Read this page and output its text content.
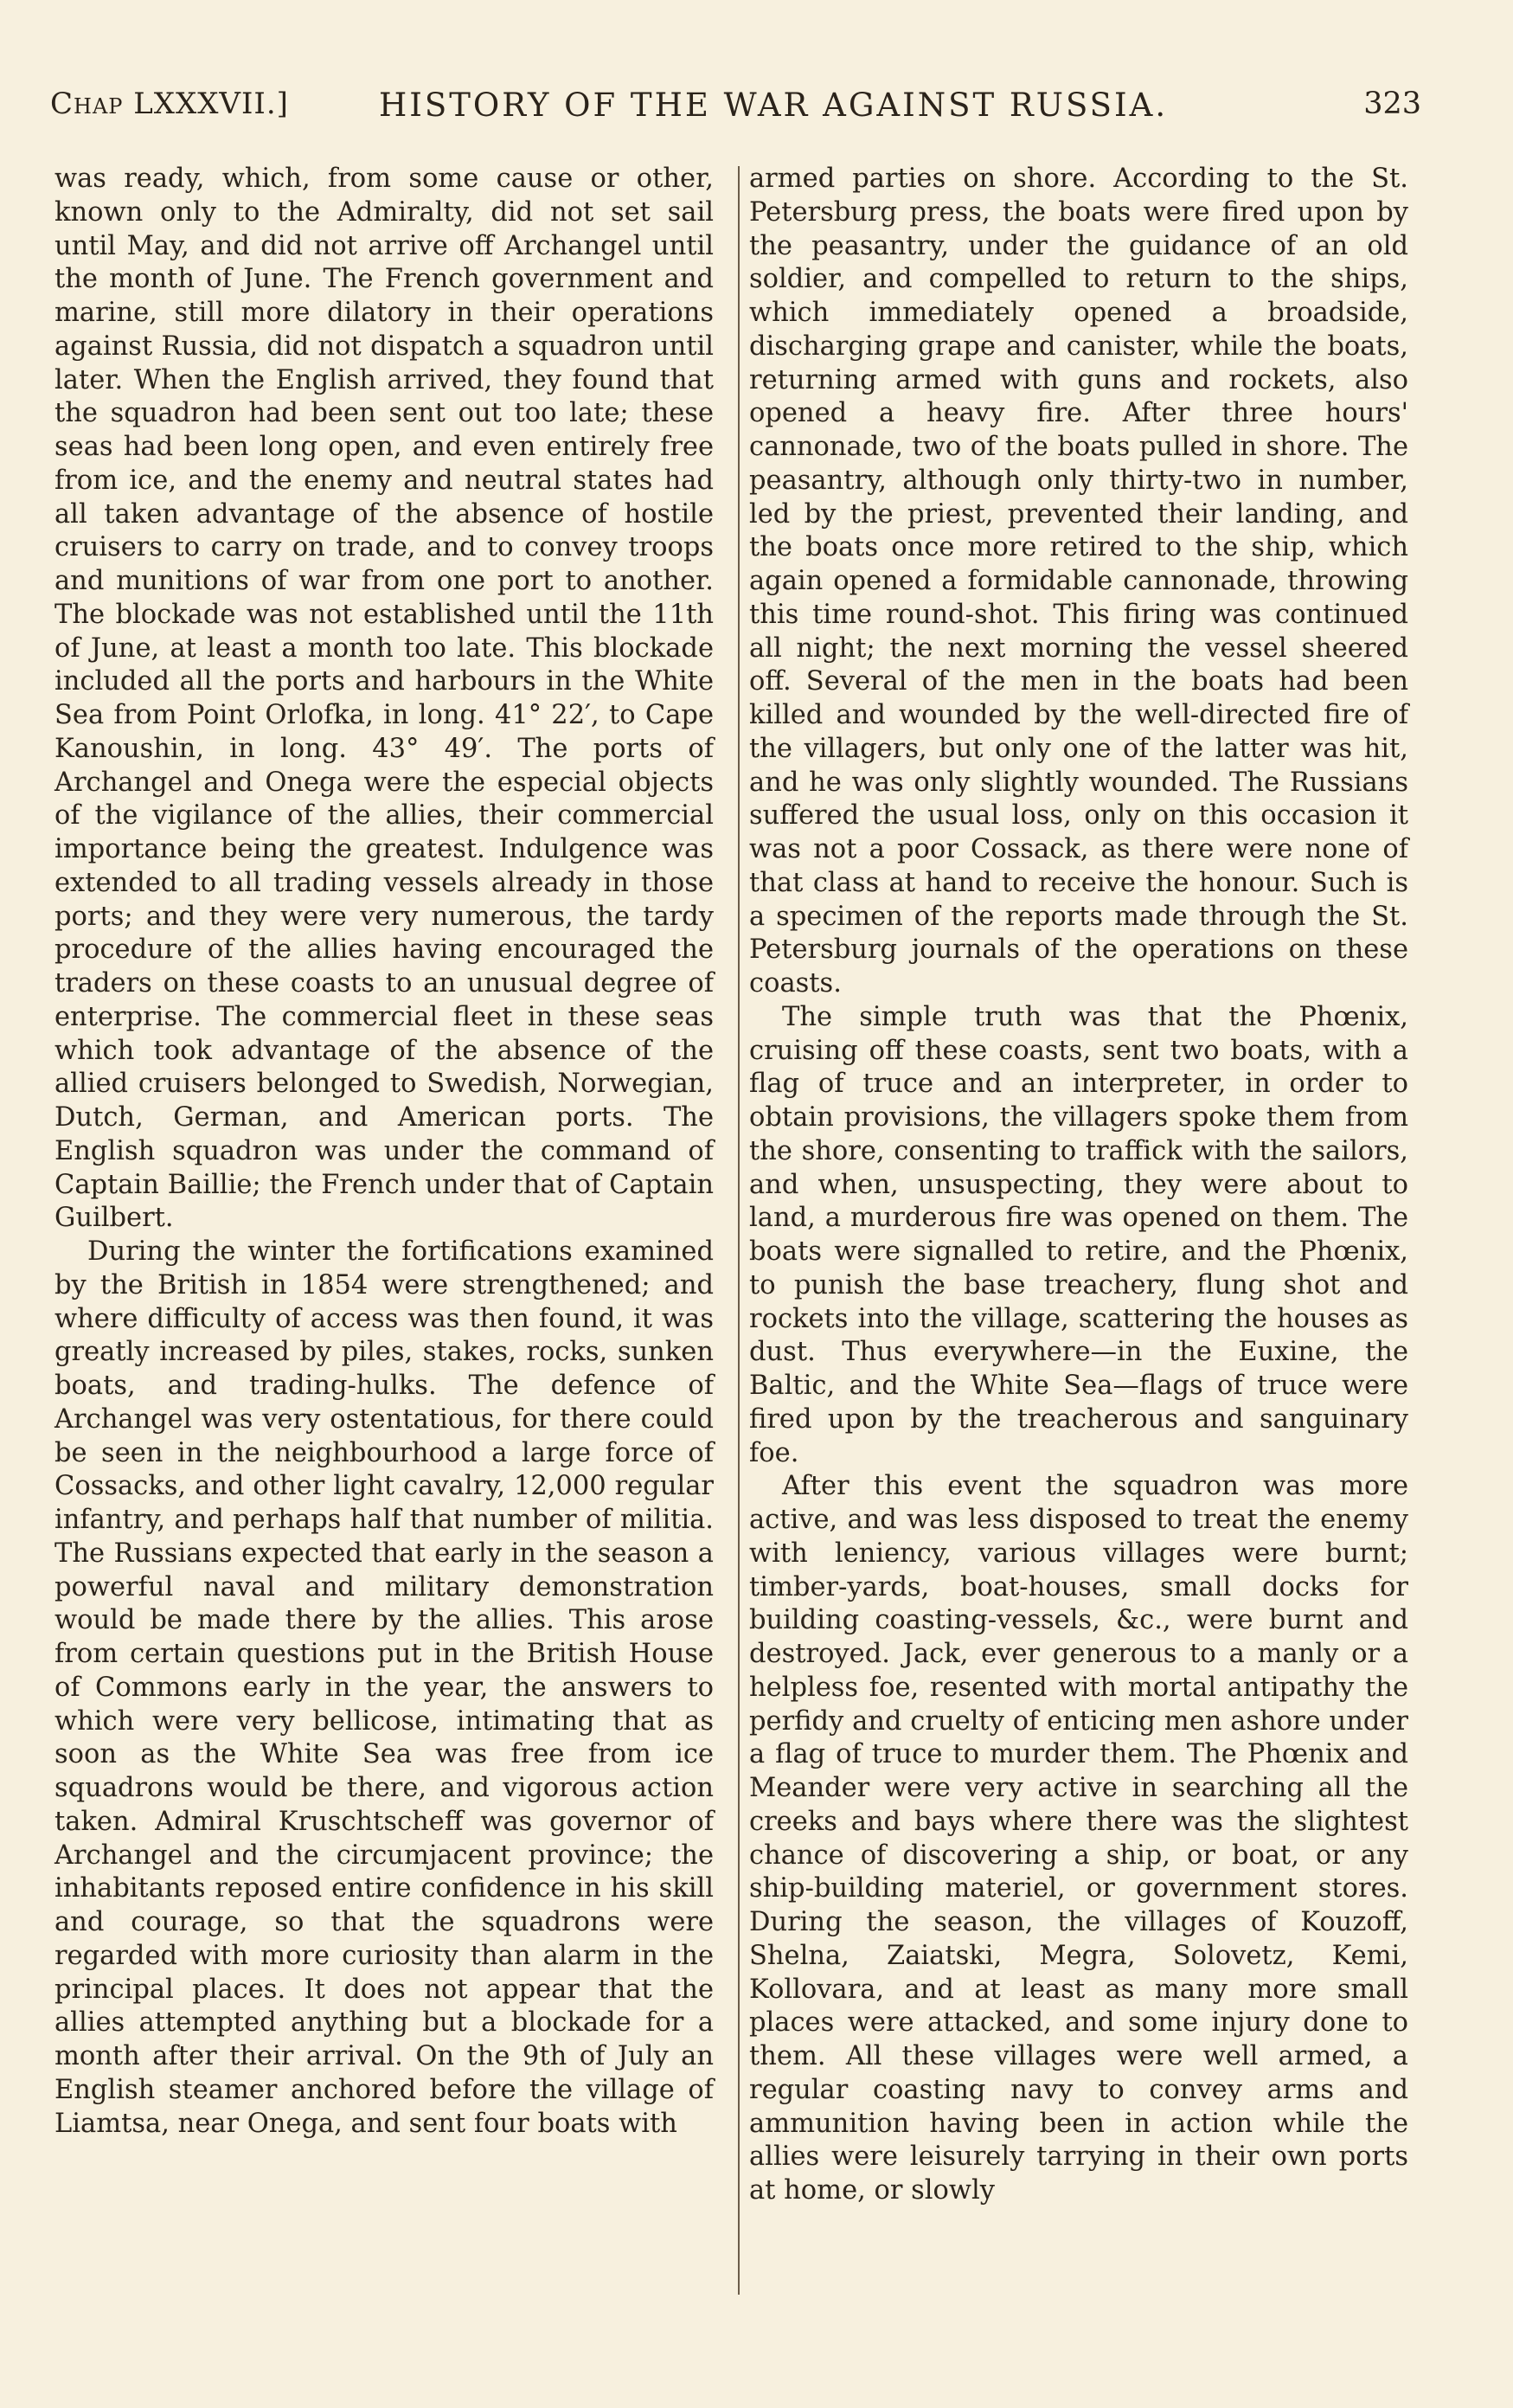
Chap LXXXVII.]	HISTORY OF THE WAR AGAINST RUSSIA.	323

was ready, which, from some cause or other, known only to the Admiralty, did not set sail until May, and did not arrive off Archangel until the month of June. The French government and marine, still more dilatory in their operations against Russia, did not dispatch a squadron until later. When the English arrived, they found that the squadron had been sent out too late; these seas had been long open, and even entirely free from ice, and the enemy and neutral states had all taken advantage of the absence of hostile cruisers to carry on trade, and to convey troops and munitions of war from one port to another. The blockade was not established until the 11th of June, at least a month too late. This blockade included all the ports and harbours in the White Sea from Point Orlofka, in long. 41° 22′, to Cape Kanoushin, in long. 43° 49′. The ports of Archangel and Onega were the especial objects of the vigilance of the allies, their commercial importance being the greatest. Indulgence was extended to all trading vessels already in those ports; and they were very numerous, the tardy procedure of the allies having encouraged the traders on these coasts to an unusual degree of enterprise. The commercial fleet in these seas which took advantage of the absence of the allied cruisers belonged to Swedish, Norwegian, Dutch, German, and American ports. The English squadron was under the command of Captain Baillie; the French under that of Captain Guilbert.

During the winter the fortifications examined by the British in 1854 were strengthened; and where difficulty of access was then found, it was greatly increased by piles, stakes, rocks, sunken boats, and trading-hulks. The defence of Archangel was very ostentatious, for there could be seen in the neighbourhood a large force of Cossacks, and other light cavalry, 12,000 regular infantry, and perhaps half that number of militia. The Russians expected that early in the season a powerful naval and military demonstration would be made there by the allies. This arose from certain questions put in the British House of Commons early in the year, the answers to which were very bellicose, intimating that as soon as the White Sea was free from ice squadrons would be there, and vigorous action taken. Admiral Kruschtscheff was governor of Archangel and the circumjacent province; the inhabitants reposed entire confidence in his skill and courage, so that the squadrons were regarded with more curiosity than alarm in the principal places. It does not appear that the allies attempted anything but a blockade for a month after their arrival. On the 9th of July an English steamer anchored before the village of Liamtsa, near Onega, and sent four boats with

armed parties on shore. According to the St. Petersburg press, the boats were fired upon by the peasantry, under the guidance of an old soldier, and compelled to return to the ships, which immediately opened a broadside, discharging grape and canister, while the boats, returning armed with guns and rockets, also opened a heavy fire. After three hours' cannonade, two of the boats pulled in shore. The peasantry, although only thirty-two in number, led by the priest, prevented their landing, and the boats once more retired to the ship, which again opened a formidable cannonade, throwing this time round-shot. This firing was continued all night; the next morning the vessel sheered off. Several of the men in the boats had been killed and wounded by the well-directed fire of the villagers, but only one of the latter was hit, and he was only slightly wounded. The Russians suffered the usual loss, only on this occasion it was not a poor Cossack, as there were none of that class at hand to receive the honour. Such is a specimen of the reports made through the St. Petersburg journals of the operations on these coasts.

The simple truth was that the Phœnix, cruising off these coasts, sent two boats, with a flag of truce and an interpreter, in order to obtain provisions, the villagers spoke them from the shore, consenting to traffick with the sailors, and when, unsuspecting, they were about to land, a murderous fire was opened on them. The boats were signalled to retire, and the Phœnix, to punish the base treachery, flung shot and rockets into the village, scattering the houses as dust. Thus everywhere—in the Euxine, the Baltic, and the White Sea—flags of truce were fired upon by the treacherous and sanguinary foe.

After this event the squadron was more active, and was less disposed to treat the enemy with leniency, various villages were burnt; timber-yards, boat-houses, small docks for building coasting-vessels, &c., were burnt and destroyed. Jack, ever generous to a manly or a helpless foe, resented with mortal antipathy the perfidy and cruelty of enticing men ashore under a flag of truce to murder them. The Phœnix and Meander were very active in searching all the creeks and bays where there was the slightest chance of discovering a ship, or boat, or any ship-building materiel, or government stores. During the season, the villages of Kouzoff, Shelna, Zaiatski, Megra, Solovetz, Kemi, Kollovara, and at least as many more small places were attacked, and some injury done to them. All these villages were well armed, a regular coasting navy to convey arms and ammunition having been in action while the allies were leisurely tarrying in their own ports at home, or slowly
